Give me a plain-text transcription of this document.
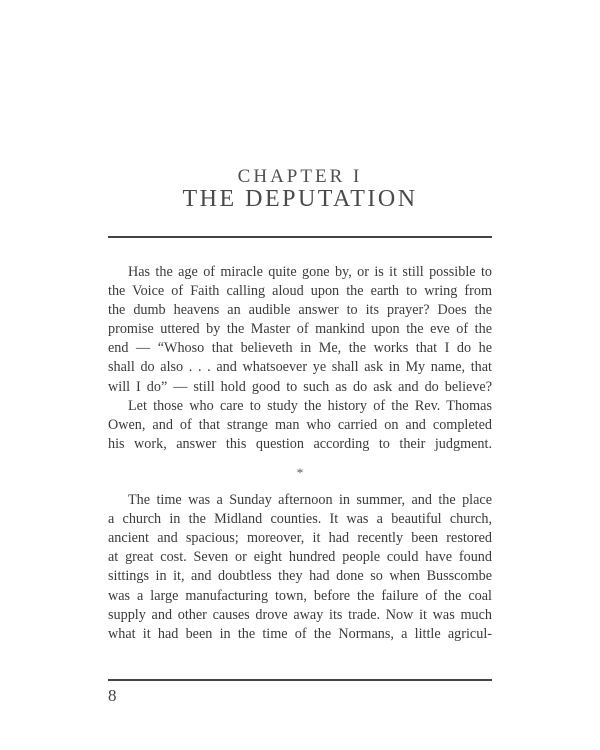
CHAPTER I
THE DEPUTATION

Has the age of miracle quite gone by, or is it still possible to
the Voice of Faith calling aloud upon the earth to wring from
the dumb heavens an audible answer to its prayer? Does the
promise uttered by the Master of mankind upon the eve of the
end — “Whoso that believeth in Me, the works that I do he
shall do also . . . and whatsoever ye shall ask in My name, that
will I do” — still hold good to such as do ask and do believe?

Let those who care to study the history of the Rev. Thomas
Owen, and of that strange man who carried on and completed
his work, answer this question according to their judgment.

*

The time was a Sunday afternoon in summer, and the place
a church in the Midland counties. It was a beautiful church,
ancient and spacious; moreover, it had recently been restored
at great cost. Seven or eight hundred people could have found
sittings in it, and doubtless they had done so when Busscombe
was a large manufacturing town, before the failure of the coal
supply and other causes drove away its trade. Now it was much
what it had been in the time of the Normans, a little agricul-

8
